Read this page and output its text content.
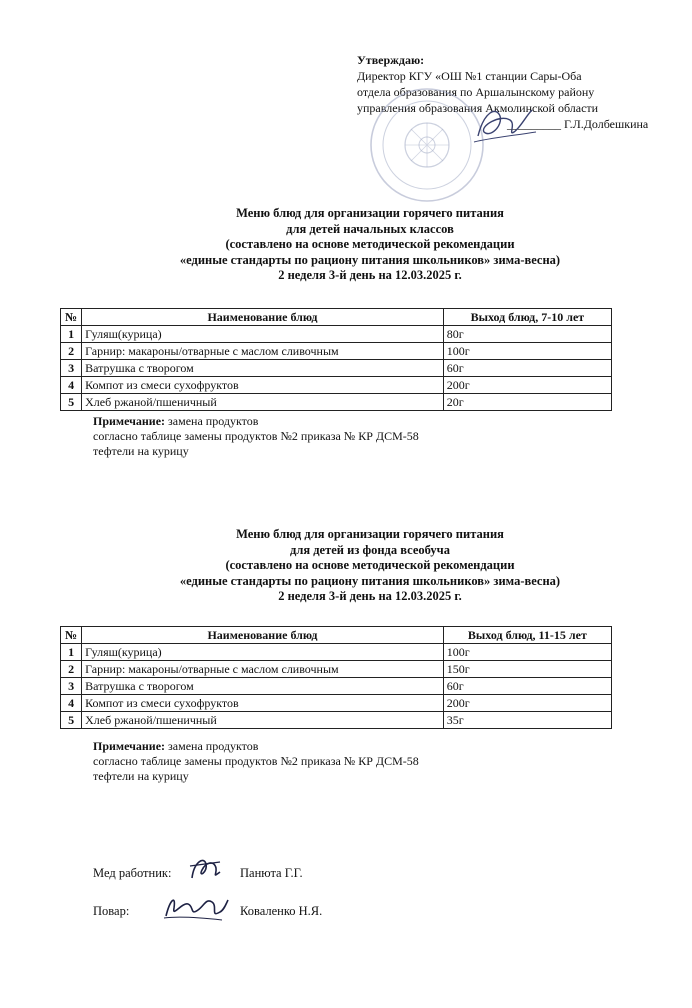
Утверждаю:
Директор КГУ «ОШ №1 станции Сары-Оба
отдела образования по Аршалынскому району
управления образования Акмолинской области
_________ Г.Л.Долбешкина
Меню блюд для организации горячего питания
для детей начальных классов
(составлено на основе методической рекомендации
«единые стандарты по рациону питания школьников» зима-весна)
2 неделя 3-й день на 12.03.2025 г.
№	Наименование блюд	Выход блюд, 7-10 лет
1	Гуляш(курица)	80г
2	Гарнир: макароны/отварные с маслом сливочным	100г
3	Ватрушка с творогом	60г
4	Компот из смеси сухофруктов	200г
5	Хлеб ржаной/пшеничный	20г
Примечание: замена продуктов
согласно таблице замены продуктов №2 приказа № КР ДСМ-58
тефтели на курицу
Меню блюд для организации горячего питания
для детей из фонда всеобуча
(составлено на основе методической рекомендации
«единые стандарты по рациону питания школьников» зима-весна)
2 неделя 3-й день на 12.03.2025 г.
№	Наименование блюд	Выход блюд, 11-15 лет
1	Гуляш(курица)	100г
2	Гарнир: макароны/отварные с маслом сливочным	150г
3	Ватрушка с творогом	60г
4	Компот из смеси сухофруктов	200г
5	Хлеб ржаной/пшеничный	35г
Примечание: замена продуктов
согласно таблице замены продуктов №2 приказа № КР ДСМ-58
тефтели на курицу
Мед работник:	Панюта Г.Г.
Повар:	Коваленко Н.Я.
